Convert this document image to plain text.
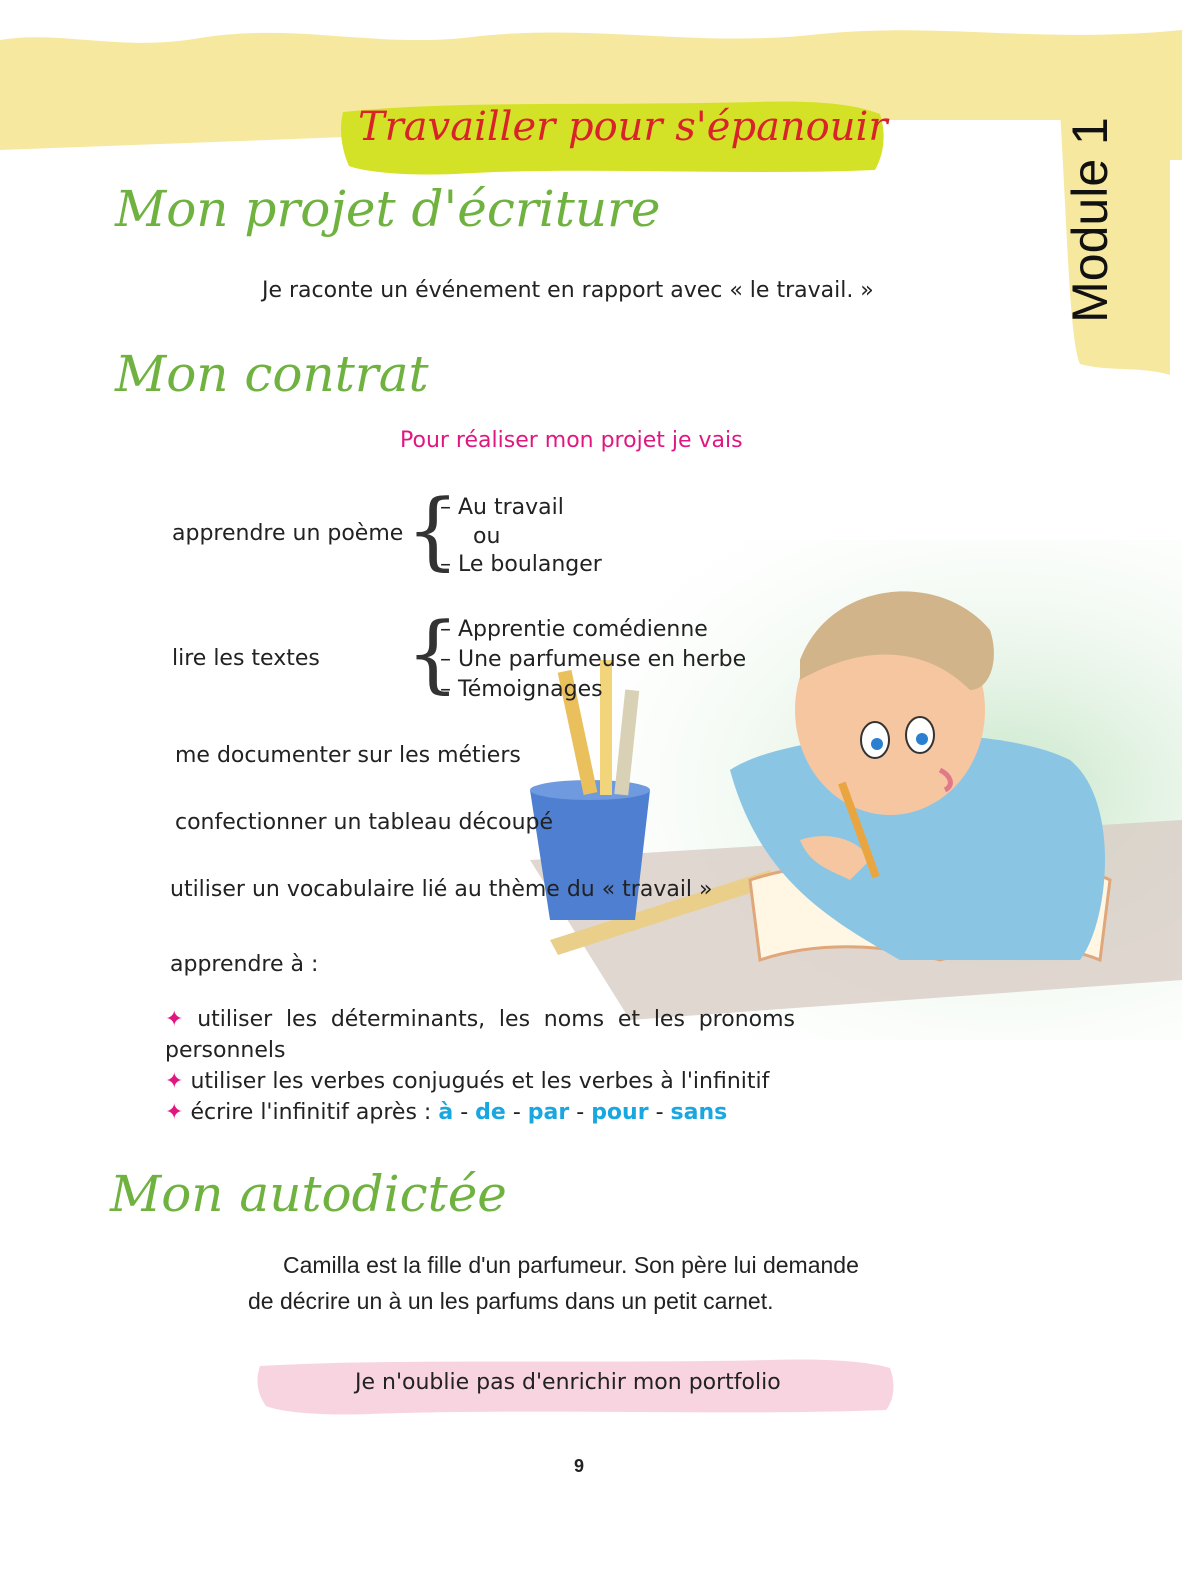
Travailler pour s'épanouir	Module 1
Mon projet d'écriture
Je raconte un événement en rapport avec « le travail. »
Mon contrat
Pour réaliser mon projet je vais
apprendre un poème {
– Au travail
ou
– Le boulanger
lire les textes {
– Apprentie comédienne
– Une parfumeuse en herbe
– Témoignages
me documenter sur les métiers
confectionner un tableau découpé
utiliser un vocabulaire lié au thème du « travail »
apprendre à :
✦ utiliser les déterminants, les noms et les pronoms personnels
✦ utiliser les verbes conjugués et les verbes à l'infinitif
✦ écrire l'infinitif après : à - de - par - pour - sans
Mon autodictée
Camilla est la fille d'un parfumeur. Son père lui demande
de décrire un à un les parfums dans un petit carnet.
Je n'oublie pas d'enrichir mon portfolio
9
